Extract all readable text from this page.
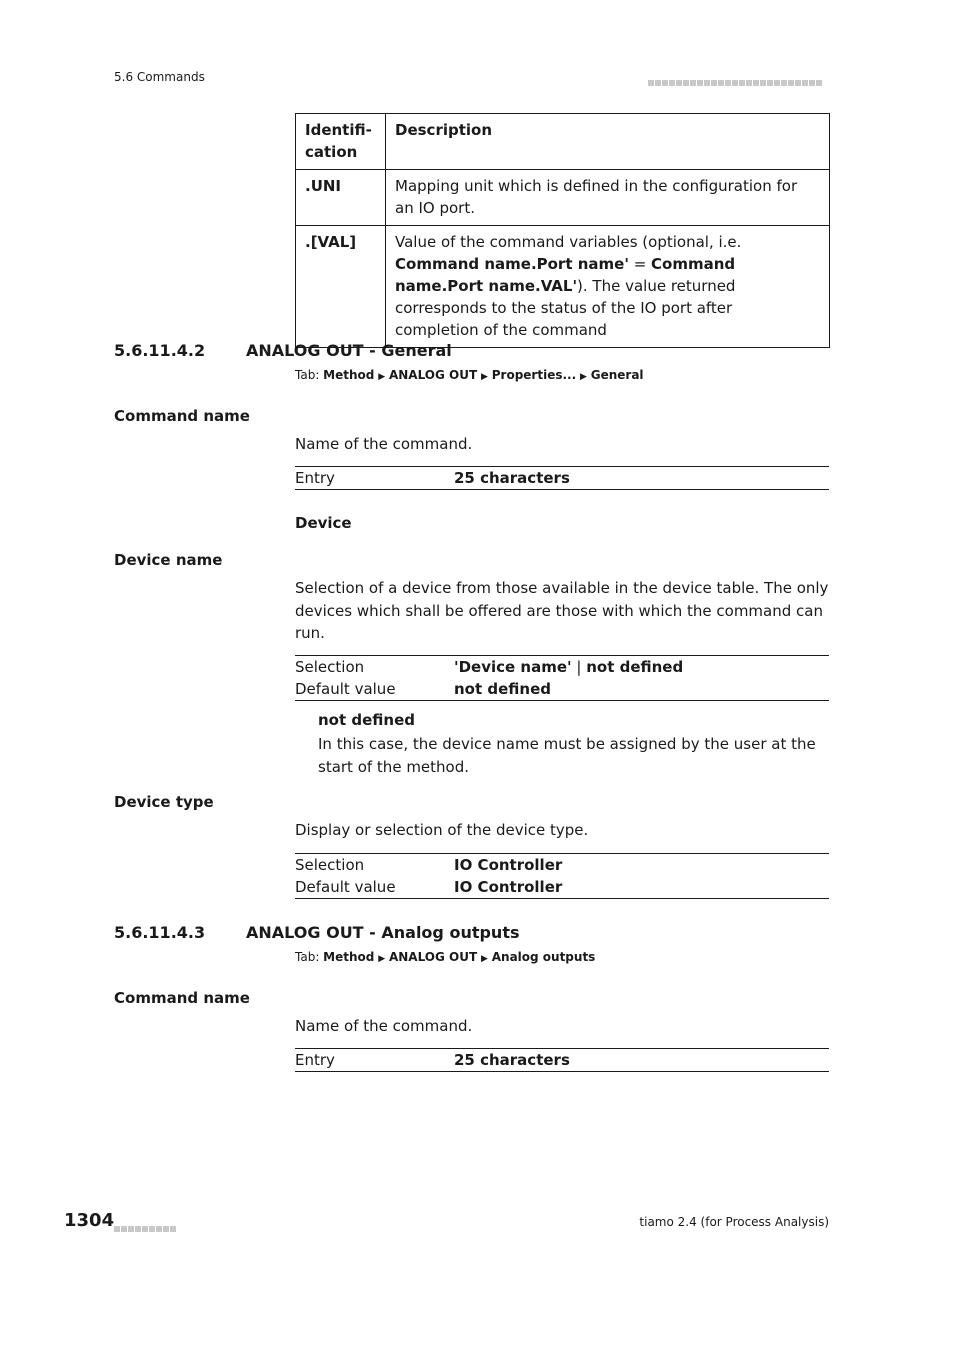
5.6 Commands
Identifi-
cation	Description
.UNI	Mapping unit which is defined in the configuration for an IO port.
.[VAL]	Value of the command variables (optional, i.e. Command name.Port name' = Command name.Port name.VAL'). The value returned corresponds to the status of the IO port after completion of the command
5.6.11.4.2	ANALOG OUT - General
Tab: Method ▶ ANALOG OUT ▶ Properties... ▶ General
Command name
Name of the command.
Entry	25 characters
Device
Device name
Selection of a device from those available in the device table. The only devices which shall be offered are those with which the command can run.
Selection	'Device name' | not defined
Default value	not defined
not defined
In this case, the device name must be assigned by the user at the start of the method.
Device type
Display or selection of the device type.
Selection	IO Controller
Default value	IO Controller
5.6.11.4.3	ANALOG OUT - Analog outputs
Tab: Method ▶ ANALOG OUT ▶ Analog outputs
Command name
Name of the command.
Entry	25 characters
1304	tiamo 2.4 (for Process Analysis)
